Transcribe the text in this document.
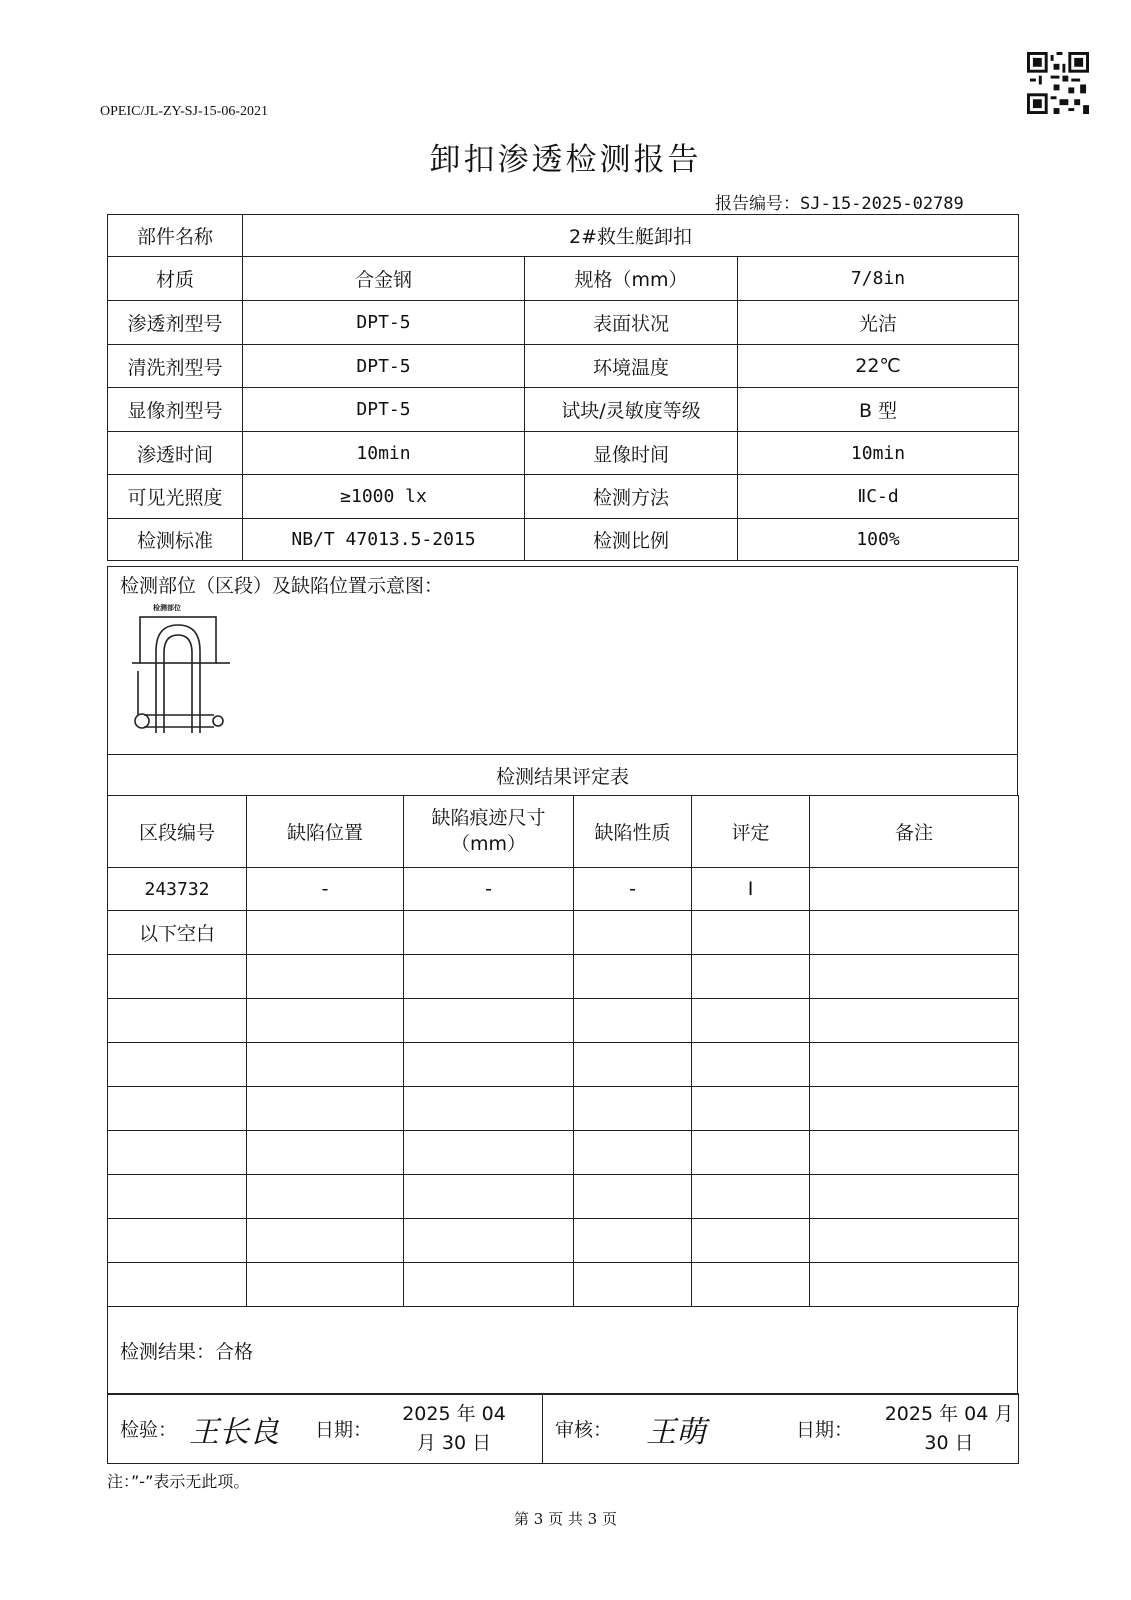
OPEIC/JL-ZY-SJ-15-06-2021
卸扣渗透检测报告
报告编号：SJ-15-2025-02789
部件名称	2#救生艇卸扣		
材质	合金钢	规格（mm）	7/8in
渗透剂型号	DPT-5	表面状况	光洁
清洗剂型号	DPT-5	环境温度	22℃
显像剂型号	DPT-5	试块/灵敏度等级	B 型
渗透时间	10min	显像时间	10min
可见光照度	≥1000 lx	检测方法	ⅡC-d
检测标准	NB/T 47013.5-2015	检测比例	100%
检测部位（区段）及缺陷位置示意图：
检测部位

检测结果评定表
区段编号	缺陷位置	缺陷痕迹尺寸（mm）	缺陷性质	评定	备注
243732	-	-	-	I	
以下空白					

检测结果：合格
检验： 王长良	日期：
2025 年 04 月 30 日

审核： 王萌	日期：
2025 年 04 月 30 日
注：”-”表示无此项。
第 3 页 共 3 页
